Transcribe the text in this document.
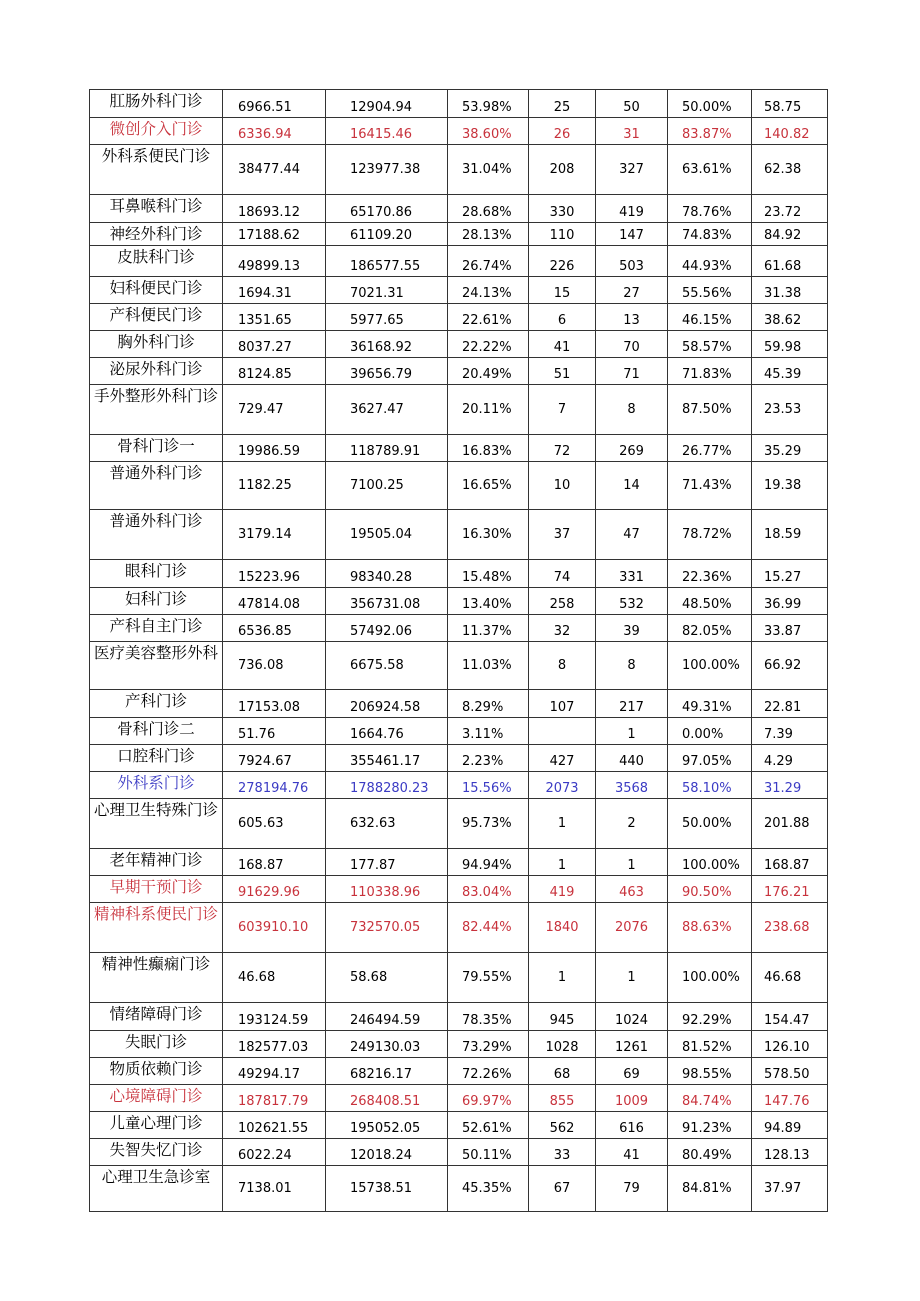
肛肠外科门诊	6966.51	12904.94	53.98%	25	50	50.00%	58.75
微创介入门诊	6336.94	16415.46	38.60%	26	31	83.87%	140.82
外科系便民门诊	38477.44	123977.38	31.04%	208	327	63.61%	62.38
耳鼻喉科门诊	18693.12	65170.86	28.68%	330	419	78.76%	23.72
神经外科门诊	17188.62	61109.20	28.13%	110	147	74.83%	84.92
皮肤科门诊	49899.13	186577.55	26.74%	226	503	44.93%	61.68
妇科便民门诊	1694.31	7021.31	24.13%	15	27	55.56%	31.38
产科便民门诊	1351.65	5977.65	22.61%	6	13	46.15%	38.62
胸外科门诊	8037.27	36168.92	22.22%	41	70	58.57%	59.98
泌尿外科门诊	8124.85	39656.79	20.49%	51	71	71.83%	45.39
手外整形外科门诊	729.47	3627.47	20.11%	7	8	87.50%	23.53
骨科门诊一	19986.59	118789.91	16.83%	72	269	26.77%	35.29
普通外科门诊	1182.25	7100.25	16.65%	10	14	71.43%	19.38
普通外科门诊	3179.14	19505.04	16.30%	37	47	78.72%	18.59
眼科门诊	15223.96	98340.28	15.48%	74	331	22.36%	15.27
妇科门诊	47814.08	356731.08	13.40%	258	532	48.50%	36.99
产科自主门诊	6536.85	57492.06	11.37%	32	39	82.05%	33.87
医疗美容整形外科	736.08	6675.58	11.03%	8	8	100.00%	66.92
产科门诊	17153.08	206924.58	8.29%	107	217	49.31%	22.81
骨科门诊二	51.76	1664.76	3.11%		1	0.00%	7.39
口腔科门诊	7924.67	355461.17	2.23%	427	440	97.05%	4.29
外科系门诊	278194.76	1788280.23	15.56%	2073	3568	58.10%	31.29
心理卫生特殊门诊	605.63	632.63	95.73%	1	2	50.00%	201.88
老年精神门诊	168.87	177.87	94.94%	1	1	100.00%	168.87
早期干预门诊	91629.96	110338.96	83.04%	419	463	90.50%	176.21
精神科系便民门诊	603910.10	732570.05	82.44%	1840	2076	88.63%	238.68
精神性癫痫门诊	46.68	58.68	79.55%	1	1	100.00%	46.68
情绪障碍门诊	193124.59	246494.59	78.35%	945	1024	92.29%	154.47
失眠门诊	182577.03	249130.03	73.29%	1028	1261	81.52%	126.10
物质依赖门诊	49294.17	68216.17	72.26%	68	69	98.55%	578.50
心境障碍门诊	187817.79	268408.51	69.97%	855	1009	84.74%	147.76
儿童心理门诊	102621.55	195052.05	52.61%	562	616	91.23%	94.89
失智失忆门诊	6022.24	12018.24	50.11%	33	41	80.49%	128.13
心理卫生急诊室	7138.01	15738.51	45.35%	67	79	84.81%	37.97
